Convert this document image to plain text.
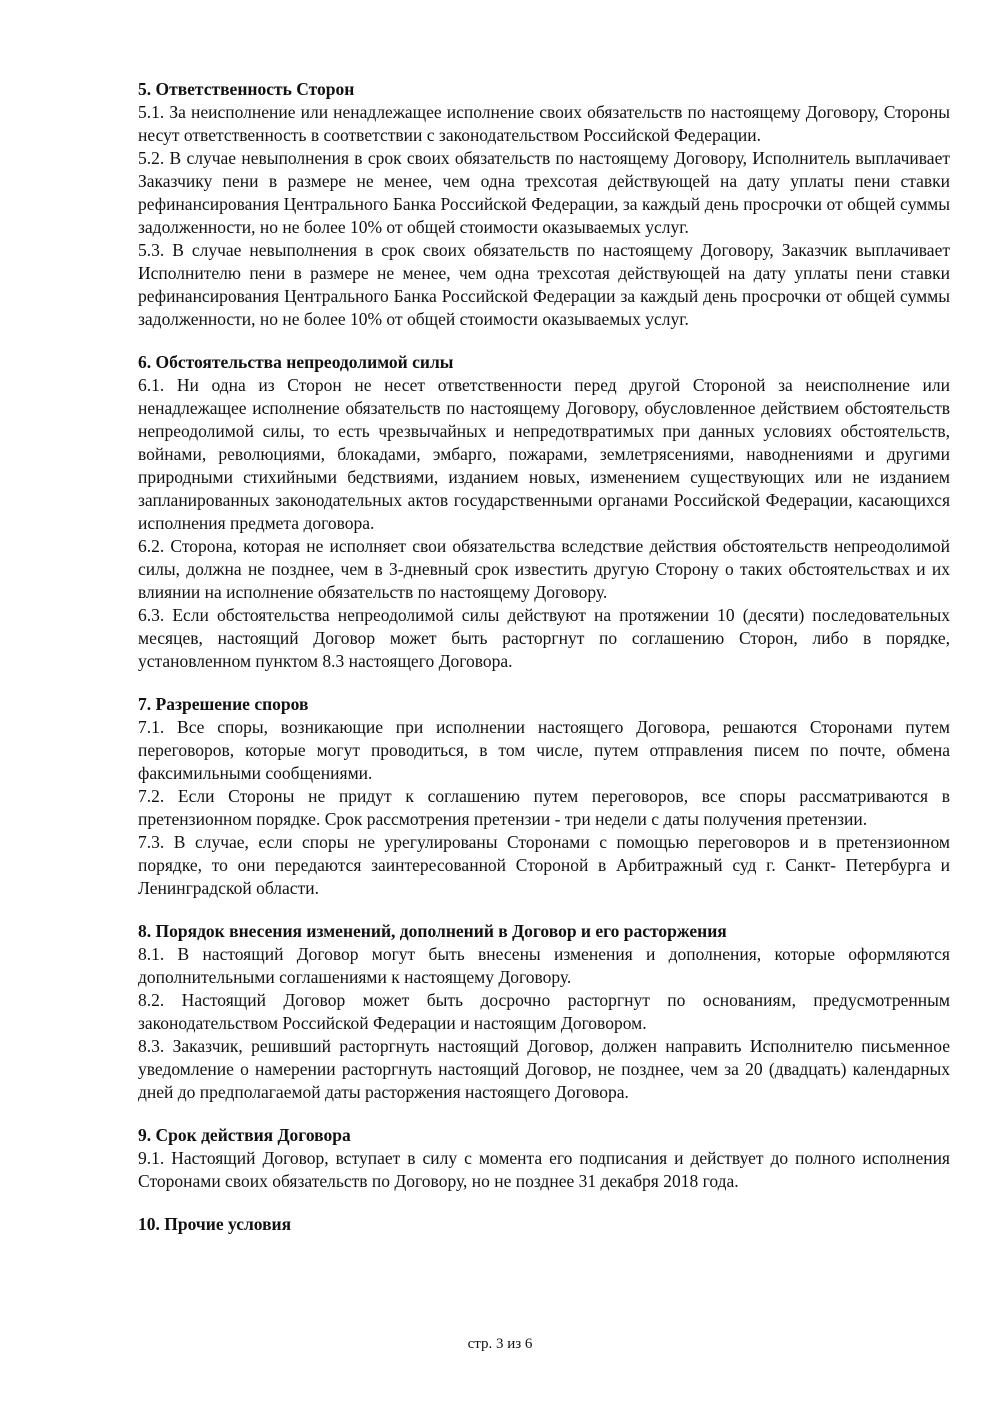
5. Ответственность Сторон

5.1. За неисполнение или ненадлежащее исполнение своих обязательств по настоящему Договору, Стороны несут ответственность в соответствии с законодательством Российской Федерации.

5.2. В случае невыполнения в срок своих обязательств по настоящему Договору, Исполнитель выплачивает Заказчику пени в размере не менее, чем одна трехсотая действующей на дату уплаты пени ставки рефинансирования Центрального Банка Российской Федерации, за каждый день просрочки от общей суммы задолженности, но не более 10% от общей стоимости оказываемых услуг.

5.3. В случае невыполнения в срок своих обязательств по настоящему Договору, Заказчик выплачивает Исполнителю пени в размере не менее, чем одна трехсотая действующей на дату уплаты пени ставки рефинансирования Центрального Банка Российской Федерации за каждый день просрочки от общей суммы задолженности, но не более 10% от общей стоимости оказываемых услуг.

6. Обстоятельства непреодолимой силы

6.1. Ни одна из Сторон не несет ответственности перед другой Стороной за неисполнение или ненадлежащее исполнение обязательств по настоящему Договору, обусловленное действием обстоятельств непреодолимой силы, то есть чрезвычайных и непредотвратимых при данных условиях обстоятельств, войнами, революциями, блокадами, эмбарго, пожарами, землетрясениями, наводнениями и другими природными стихийными бедствиями, изданием новых, изменением существующих или не изданием запланированных законодательных актов государственными органами Российской Федерации, касающихся исполнения предмета договора.

6.2. Сторона, которая не исполняет свои обязательства вследствие действия обстоятельств непреодолимой силы, должна не позднее, чем в 3-дневный срок известить другую Сторону о таких обстоятельствах и их влиянии на исполнение обязательств по настоящему Договору.

6.3. Если обстоятельства непреодолимой силы действуют на протяжении 10 (десяти) последовательных месяцев, настоящий Договор может быть расторгнут по соглашению Сторон, либо в порядке, установленном пунктом 8.3 настоящего Договора.

7. Разрешение споров

7.1. Все споры, возникающие при исполнении настоящего Договора, решаются Сторонами путем переговоров, которые могут проводиться, в том числе, путем отправления писем по почте, обмена факсимильными сообщениями.

7.2. Если Стороны не придут к соглашению путем переговоров, все споры рассматриваются в претензионном порядке. Срок рассмотрения претензии - три недели с даты получения претензии.

7.3. В случае, если споры не урегулированы Сторонами с помощью переговоров и в претензионном порядке, то они передаются заинтересованной Стороной в Арбитражный суд г. Санкт- Петербурга и Ленинградской области.

8. Порядок внесения изменений, дополнений в Договор и его расторжения

8.1. В настоящий Договор могут быть внесены изменения и дополнения, которые оформляются дополнительными соглашениями к настоящему Договору.

8.2. Настоящий Договор может быть досрочно расторгнут по основаниям, предусмотренным законодательством Российской Федерации и настоящим Договором.

8.3. Заказчик, решивший расторгнуть настоящий Договор, должен направить Исполнителю письменное уведомление о намерении расторгнуть настоящий Договор, не позднее, чем за 20 (двадцать) календарных дней до предполагаемой даты расторжения настоящего Договора.

9. Срок действия Договора

9.1. Настоящий Договор, вступает в силу с момента его подписания и действует до полного исполнения Сторонами своих обязательств по Договору, но не позднее 31 декабря 2018 года.

10. Прочие условия

стр. 3 из 6
